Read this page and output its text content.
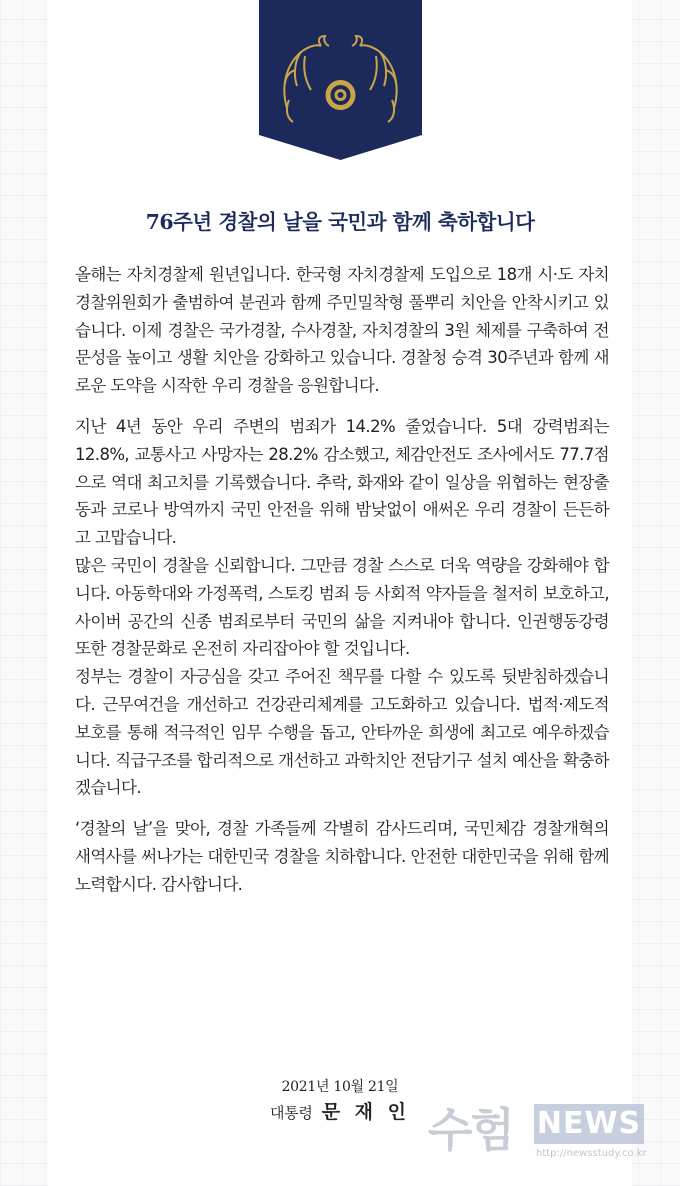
76주년 경찰의 날을 국민과 함께 축하합니다

올해는 자치경찰제 원년입니다. 한국형 자치경찰제 도입으로 18개 시·도 자치경찰위원회가 출범하여 분권과 함께 주민밀착형 풀뿌리 치안을 안착시키고 있습니다. 이제 경찰은 국가경찰, 수사경찰, 자치경찰의 3원 체제를 구축하여 전문성을 높이고 생활 치안을 강화하고 있습니다. 경찰청 승격 30주년과 함께 새로운 도약을 시작한 우리 경찰을 응원합니다.

지난 4년 동안 우리 주변의 범죄가 14.2% 줄었습니다. 5대 강력범죄는 12.8%, 교통사고 사망자는 28.2% 감소했고, 체감안전도 조사에서도 77.7점으로 역대 최고치를 기록했습니다. 추락, 화재와 같이 일상을 위협하는 현장출동과 코로나 방역까지 국민 안전을 위해 밤낮없이 애써온 우리 경찰이 든든하고 고맙습니다.

많은 국민이 경찰을 신뢰합니다. 그만큼 경찰 스스로 더욱 역량을 강화해야 합니다. 아동학대와 가정폭력, 스토킹 범죄 등 사회적 약자들을 철저히 보호하고, 사이버 공간의 신종 범죄로부터 국민의 삶을 지켜내야 합니다. 인권행동강령 또한 경찰문화로 온전히 자리잡아야 할 것입니다.

정부는 경찰이 자긍심을 갖고 주어진 책무를 다할 수 있도록 뒷받침하겠습니다. 근무여건을 개선하고 건강관리체계를 고도화하고 있습니다. 법적·제도적 보호를 통해 적극적인 임무 수행을 돕고, 안타까운 희생에 최고로 예우하겠습니다. 직급구조를 합리적으로 개선하고 과학치안 전담기구 설치 예산을 확충하겠습니다.

‘경찰의 날’을 맞아, 경찰 가족들께 각별히 감사드리며, 국민체감 경찰개혁의 새역사를 써나가는 대한민국 경찰을 치하합니다. 안전한 대한민국을 위해 함께 노력합시다. 감사합니다.

2021년 10월 21일
대통령 문 재 인 수험 NEWS
http://newsstudy.co.kr
